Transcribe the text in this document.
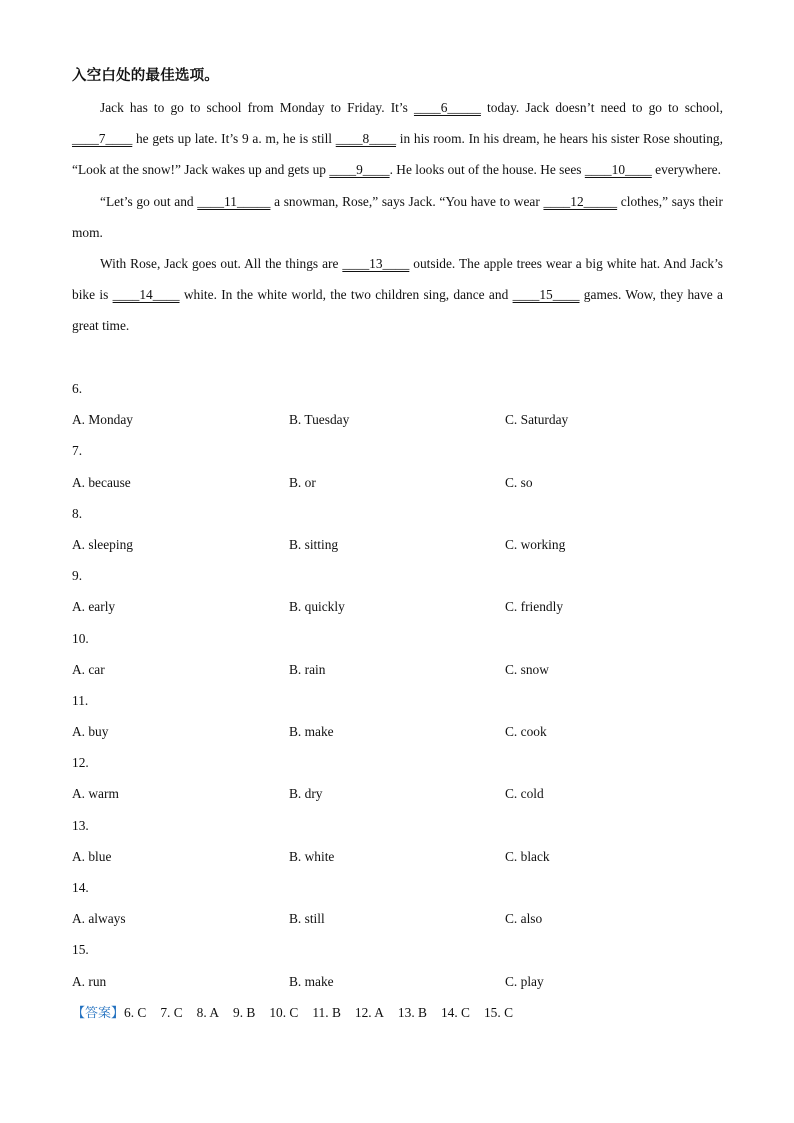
入空白处的最佳选项。

Jack has to go to school from Monday to Friday. It’s ____6_____ today. Jack doesn’t need to go to school, ____7____ he gets up late. It’s 9 a. m, he is still ____8____ in his room. In his dream, he hears his sister Rose shouting, “Look at the snow!” Jack wakes up and gets up ____9____. He looks out of the house. He sees ____10____ everywhere.

“Let’s go out and ____11_____ a snowman, Rose,” says Jack. “You have to wear ____12_____ clothes,” says their mom.

With Rose, Jack goes out. All the things are ____13____ outside. The apple trees wear a big white hat. And Jack’s bike is ____14____ white. In the white world, the two children sing, dance and ____15____ games. Wow, they have a great time.

6.
A. Monday	B. Tuesday	C. Saturday
7.
A. because	B. or	C. so
8.
A. sleeping	B. sitting	C. working
9.
A. early	B. quickly	C. friendly
10.
A. car	B. rain	C. snow
11.
A. buy	B. make	C. cook
12.
A. warm	B. dry	C. cold
13.
A. blue	B. white	C. black
14.
A. always	B. still	C. also
15.
A. run	B. make	C. play
【答案】6. C 7. C 8. A 9. B 10. C 11. B 12. A 13. B 14. C 15. C
